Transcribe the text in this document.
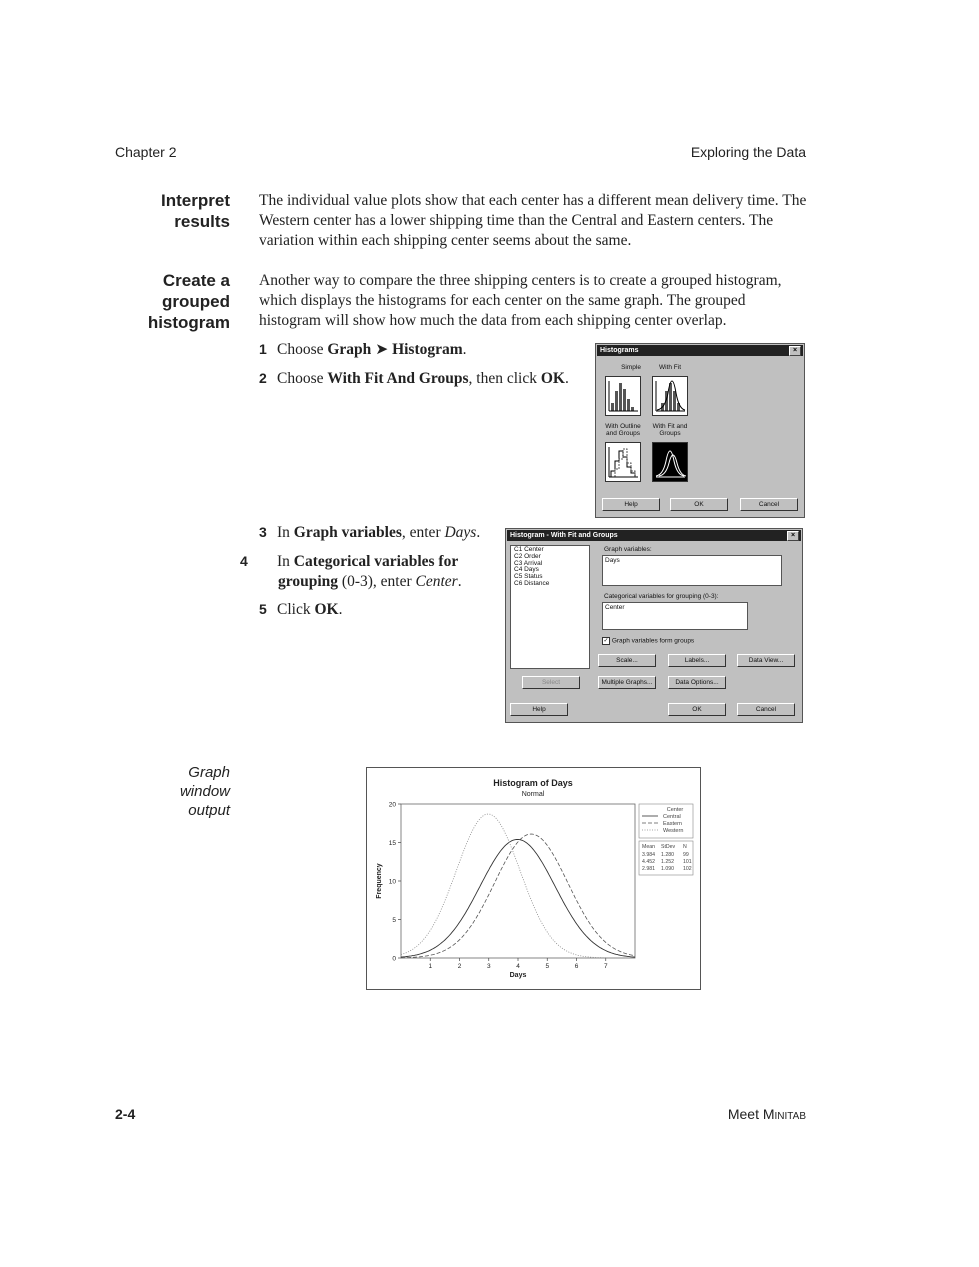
Chapter 2	Exploring the Data
Interpret
results
The individual value plots show that each center has a different mean delivery time. The Western center has a lower shipping time than the Central and Eastern centers. The variation within each shipping center seems about the same.
Create a
grouped
histogram
Another way to compare the three shipping centers is to create a grouped histogram, which displays the histograms for each center on the same graph. The grouped histogram will show how much the data from each shipping center overlap.
1 Choose Graph ➤ Histogram.
2 Choose With Fit And Groups, then click OK.
3 In Graph variables, enter Days.
4 In Categorical variables for grouping (0-3), enter Center.
5 Click OK.
Histograms	×
Simple	With Fit
With Outline and Groups
With Fit and Groups
Help	OK	Cancel
Histogram - With Fit and Groups	×
C1 Center
C2 Order
C3 Arrival
C4 Days
C5 Status
C6 Distance
Graph variables:
Days
Categorical variables for grouping (0-3):
Center
✓ Graph variables form groups
Scale...	Labels...	Data View...
Select	Multiple Graphs...	Data Options...
Help	OK	Cancel
Graph
window
output
Histogram of Days
Normal
0
5
10
15
20
1	2	3	4	5	6	7
Days
Frequency
Center
Central
Eastern
Western
Mean StDev N
3.984 1.280 99
4.452 1.252 101
2.981 1.090 102
2-4	Meet Minitab
